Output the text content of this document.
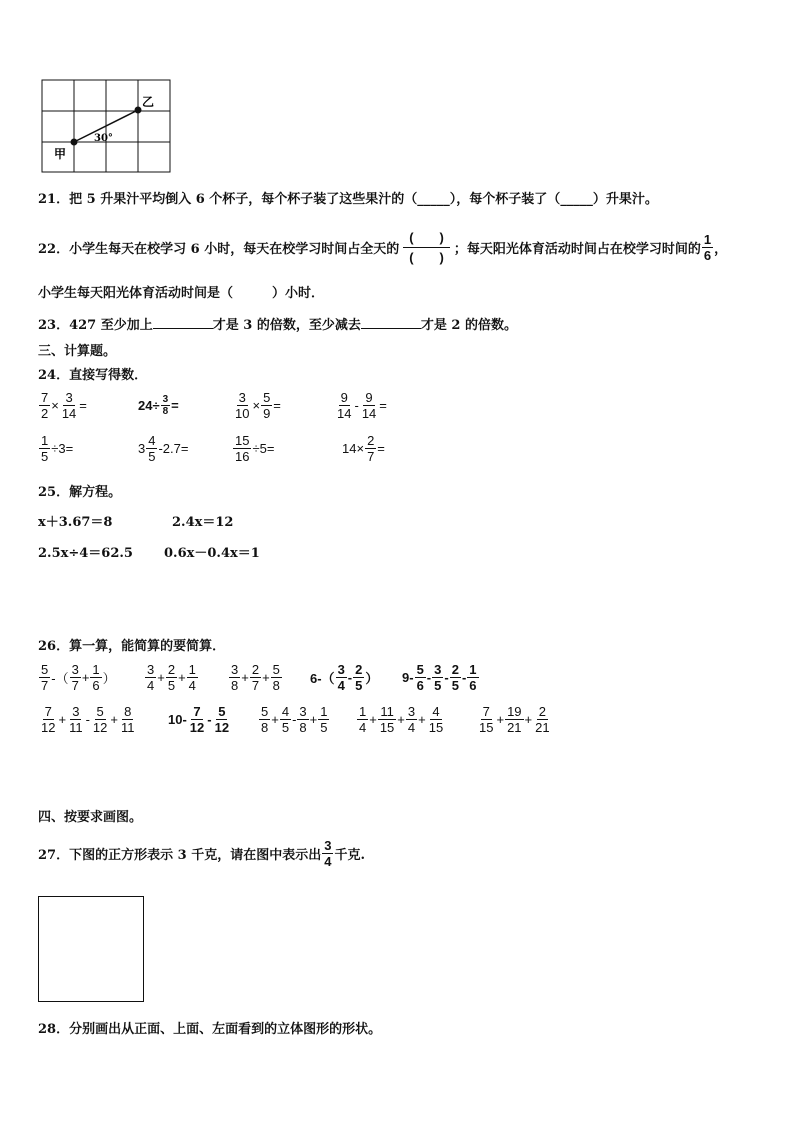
甲
乙
30°
21．把 5 升果汁平均倒入 6 个杯子，每个杯子装了这些果汁的（_____），每个杯子装了（_____）升果汁。
22．小学生每天在校学习 6 小时，每天在校学习时间占全天的 $\frac{( )}{( )}$ ；每天阳光体育活动时间占在校学习时间的 $\frac{1}{6}$ ，
小学生每天阳光体育活动时间是（　　　）小时．
23．427 至少加上	才是 3 的倍数，至少减去	才是 2 的倍数。
三、计算题。
24．直接写得数．
$\frac{7}{2} \times \frac{3}{14}$ =	$24\div \frac{3}{8}$ =	$\frac{3}{10} \times \frac{5}{9}$ =	$\frac{9}{14} - \frac{9}{14}$ =
$\frac{1}{5} \div 3=$	$3 \frac{4}{5} -2.7=$	$\frac{15}{16} \div 5=$	$14\times \frac{2}{7}$ =
25．解方程。
x＋3.67＝8	2.4x＝12
2.5x÷4＝62.5 0.6x－0.4x＝1
26．算一算，能简算的要简算．
$\frac{5}{7}$ -（ $\frac{3}{7} + \frac{1}{6}$ ） $\frac{3}{4} + \frac{2}{5} + \frac{1}{4} \frac{3}{8} + \frac{2}{7} + \frac{5}{8} 6-( \frac{3}{4} - \frac{2}{5}$ ） $9- \frac{5}{6} - \frac{3}{5} - \frac{2}{5} - \frac{1}{6}$
$\frac{7}{12} + \frac{3}{11} - \frac{5}{12} + \frac{8}{11} 10- \frac{7}{12} - \frac{5}{12} \frac{5}{8} + \frac{4}{5} - \frac{3}{8} + \frac{1}{5} \frac{1}{4} + \frac{11}{15} + \frac{3}{4} + \frac{4}{15} \frac{7}{15} + \frac{19}{21} + \frac{2}{21}$
四、按要求画图。
27．下图的正方形表示 3 千克，请在图中表示出 $\frac{3}{4}$ 千克.
28．分别画出从正面、上面、左面看到的立体图形的形状。
